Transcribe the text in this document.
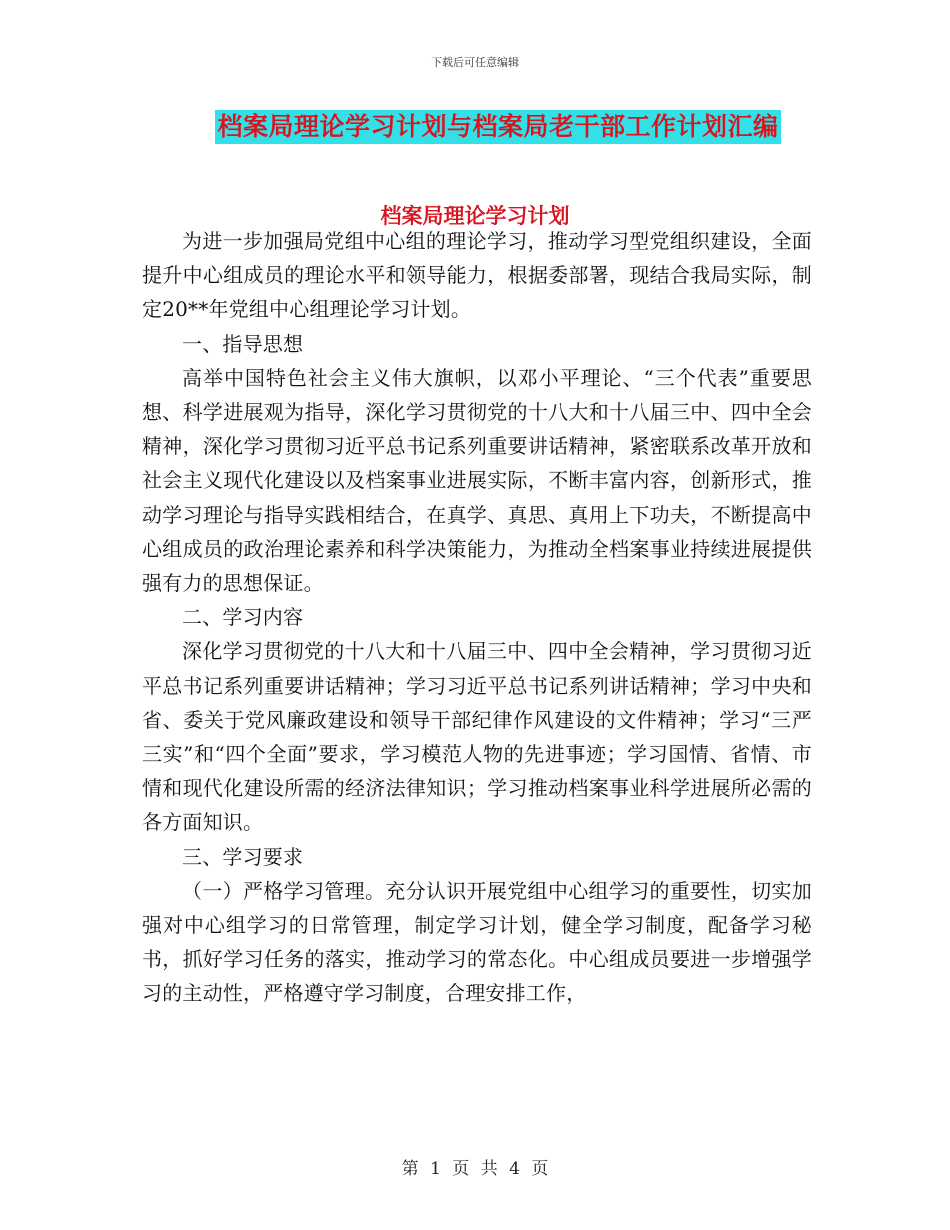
下载后可任意编辑
档案局理论学习计划与档案局老干部工作计划汇编
档案局理论学习计划

为进一步加强局党组中心组的理论学习，推动学习型党组织建设，全面提升中心组成员的理论水平和领导能力，根据委部署，现结合我局实际，制定20**年党组中心组理论学习计划。

一、指导思想

高举中国特色社会主义伟大旗帜，以邓小平理论、“三个代表”重要思想、科学进展观为指导，深化学习贯彻党的十八大和十八届三中、四中全会精神，深化学习贯彻习近平总书记系列重要讲话精神，紧密联系改革开放和社会主义现代化建设以及档案事业进展实际，不断丰富内容，创新形式，推动学习理论与指导实践相结合，在真学、真思、真用上下功夫，不断提高中心组成员的政治理论素养和科学决策能力，为推动全档案事业持续进展提供强有力的思想保证。

二、学习内容

深化学习贯彻党的十八大和十八届三中、四中全会精神，学习贯彻习近平总书记系列重要讲话精神；学习习近平总书记系列讲话精神；学习中央和省、委关于党风廉政建设和领导干部纪律作风建设的文件精神；学习“三严三实”和“四个全面”要求，学习模范人物的先进事迹；学习国情、省情、市情和现代化建设所需的经济法律知识；学习推动档案事业科学进展所必需的各方面知识。

三、学习要求

（一）严格学习管理。充分认识开展党组中心组学习的重要性，切实加强对中心组学习的日常管理，制定学习计划，健全学习制度，配备学习秘书，抓好学习任务的落实，推动学习的常态化。中心组成员要进一步增强学习的主动性，严格遵守学习制度，合理安排工作，

第 1 页 共 4 页
